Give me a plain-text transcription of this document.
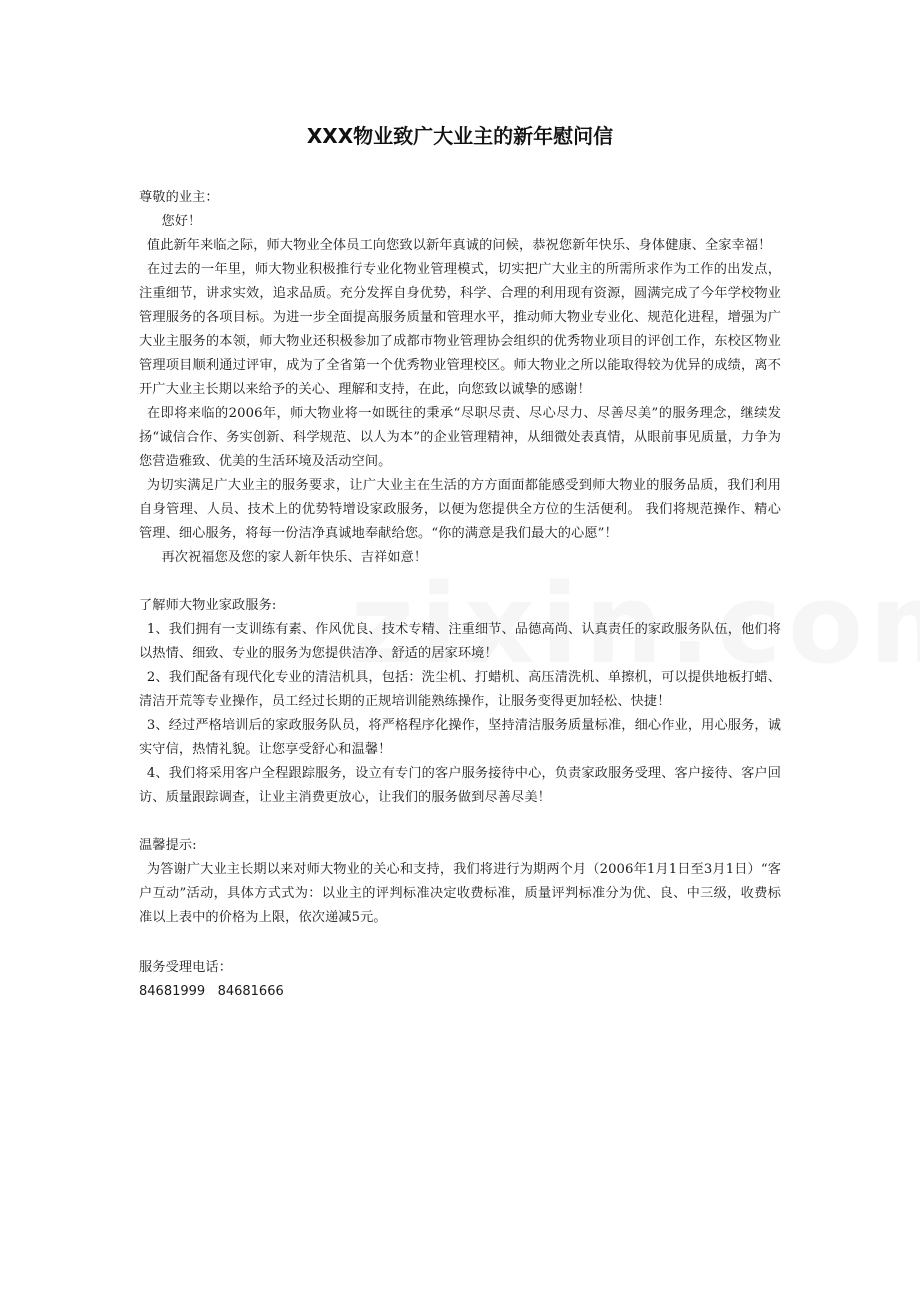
XXX物业致广大业主的新年慰问信

尊敬的业主：

您好！

值此新年来临之际，师大物业全体员工向您致以新年真诚的问候，恭祝您新年快乐、身体健康、全家幸福！

在过去的一年里，师大物业积极推行专业化物业管理模式，切实把广大业主的所需所求作为工作的出发点，注重细节，讲求实效，追求品质。充分发挥自身优势，科学、合理的利用现有资源，圆满完成了今年学校物业管理服务的各项目标。为进一步全面提高服务质量和管理水平，推动师大物业专业化、规范化进程，增强为广大业主服务的本领，师大物业还积极参加了成都市物业管理协会组织的优秀物业项目的评创工作，东校区物业管理项目顺利通过评审，成为了全省第一个优秀物业管理校区。师大物业之所以能取得较为优异的成绩，离不开广大业主长期以来给予的关心、理解和支持，在此，向您致以诚挚的感谢！

在即将来临的2006年，师大物业将一如既往的秉承“尽职尽责、尽心尽力、尽善尽美”的服务理念，继续发扬“诚信合作、务实创新、科学规范、以人为本”的企业管理精神，从细微处表真情，从眼前事见质量，力争为您营造雅致、优美的生活环境及活动空间。

为切实满足广大业主的服务要求，让广大业主在生活的方方面面都能感受到师大物业的服务品质，我们利用自身管理、人员、技术上的优势特增设家政服务，以便为您提供全方位的生活便利。 我们将规范操作、精心管理、细心服务，将每一份洁净真诚地奉献给您。“你的满意是我们最大的心愿”！

再次祝福您及您的家人新年快乐、吉祥如意！

了解师大物业家政服务:

1、我们拥有一支训练有素、作风优良、技术专精、注重细节、品德高尚、认真责任的家政服务队伍，他们将以热情、细致、专业的服务为您提供洁净、舒适的居家环境！

2、我们配备有现代化专业的清洁机具，包括：洗尘机、打蜡机、高压清洗机、单擦机，可以提供地板打蜡、清洁开荒等专业操作，员工经过长期的正规培训能熟练操作，让服务变得更加轻松、快捷！

3、经过严格培训后的家政服务队员，将严格程序化操作，坚持清洁服务质量标准，细心作业，用心服务，诚实守信，热情礼貌。让您享受舒心和温馨！

4、我们将采用客户全程跟踪服务，设立有专门的客户服务接待中心，负责家政服务受理、客户接待、客户回访、质量跟踪调查，让业主消费更放心，让我们的服务做到尽善尽美！

温馨提示:

为答谢广大业主长期以来对师大物业的关心和支持，我们将进行为期两个月（2006年1月1日至3月1日）“客户互动”活动，具体方式式为：以业主的评判标准决定收费标准，质量评判标准分为优、良、中三级，收费标准以上表中的价格为上限，依次递减5元。

服务受理电话：

84681999   84681666
